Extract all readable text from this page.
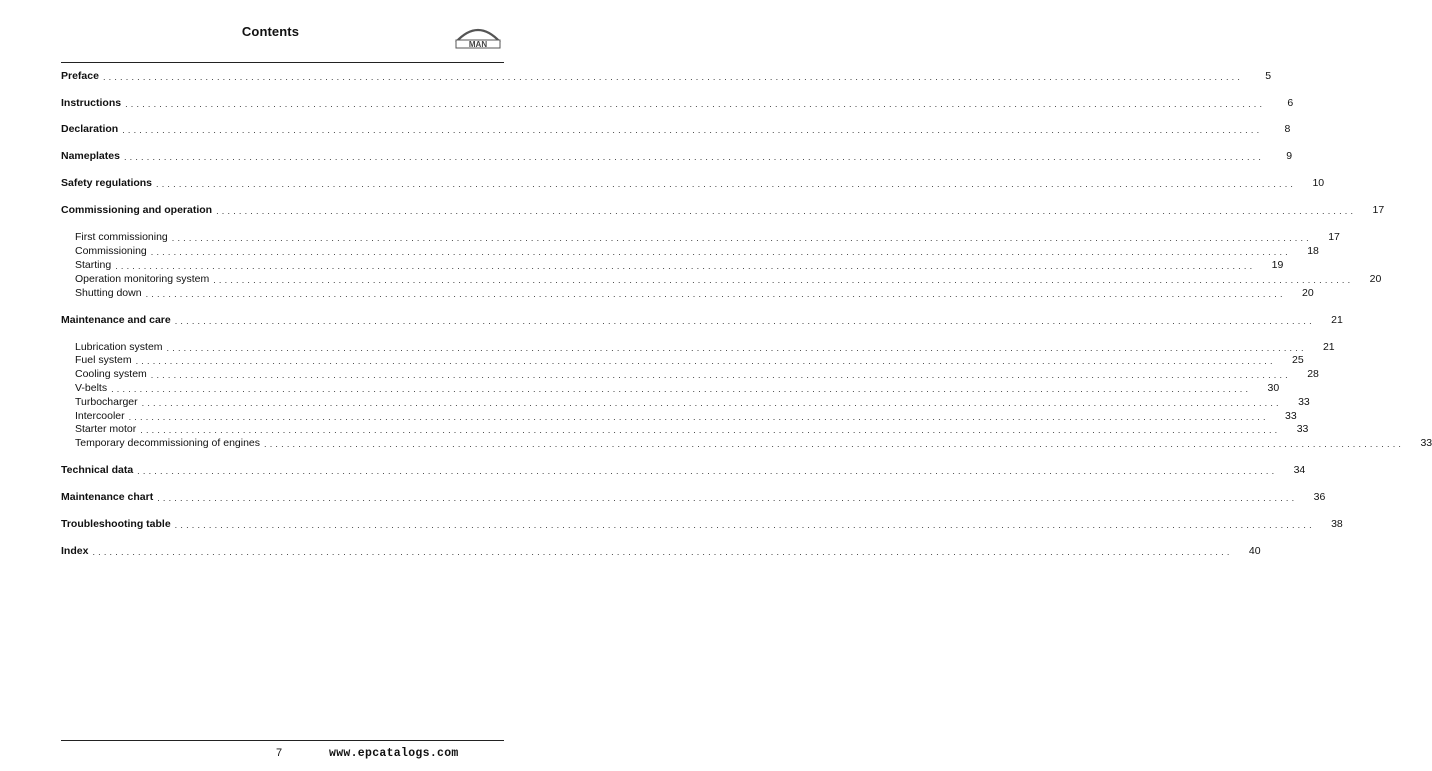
Contents
MAN
Preface ........................................................................................................................................................................................................	5
Instructions ........................................................................................................................................................................................................	6
Declaration ........................................................................................................................................................................................................	8
Nameplates ........................................................................................................................................................................................................	9
Safety regulations ........................................................................................................................................................................................................	10
Commissioning and operation ........................................................................................................................................................................................................	17
First commissioning ........................................................................................................................................................................................................	17
Commissioning ........................................................................................................................................................................................................	18
Starting ........................................................................................................................................................................................................	19
Operation monitoring system ........................................................................................................................................................................................................	20
Shutting down ........................................................................................................................................................................................................	20
Maintenance and care ........................................................................................................................................................................................................	21
Lubrication system ........................................................................................................................................................................................................	21
Fuel system ........................................................................................................................................................................................................	25
Cooling system ........................................................................................................................................................................................................	28
V-belts ........................................................................................................................................................................................................	30
Turbocharger ........................................................................................................................................................................................................	33
Intercooler ........................................................................................................................................................................................................	33
Starter motor ........................................................................................................................................................................................................	33
Temporary decommissioning of engines ........................................................................................................................................................................................................	33
Technical data ........................................................................................................................................................................................................	34
Maintenance chart ........................................................................................................................................................................................................	36
Troubleshooting table ........................................................................................................................................................................................................	38
Index ........................................................................................................................................................................................................	40
7	www.epcatalogs.com
